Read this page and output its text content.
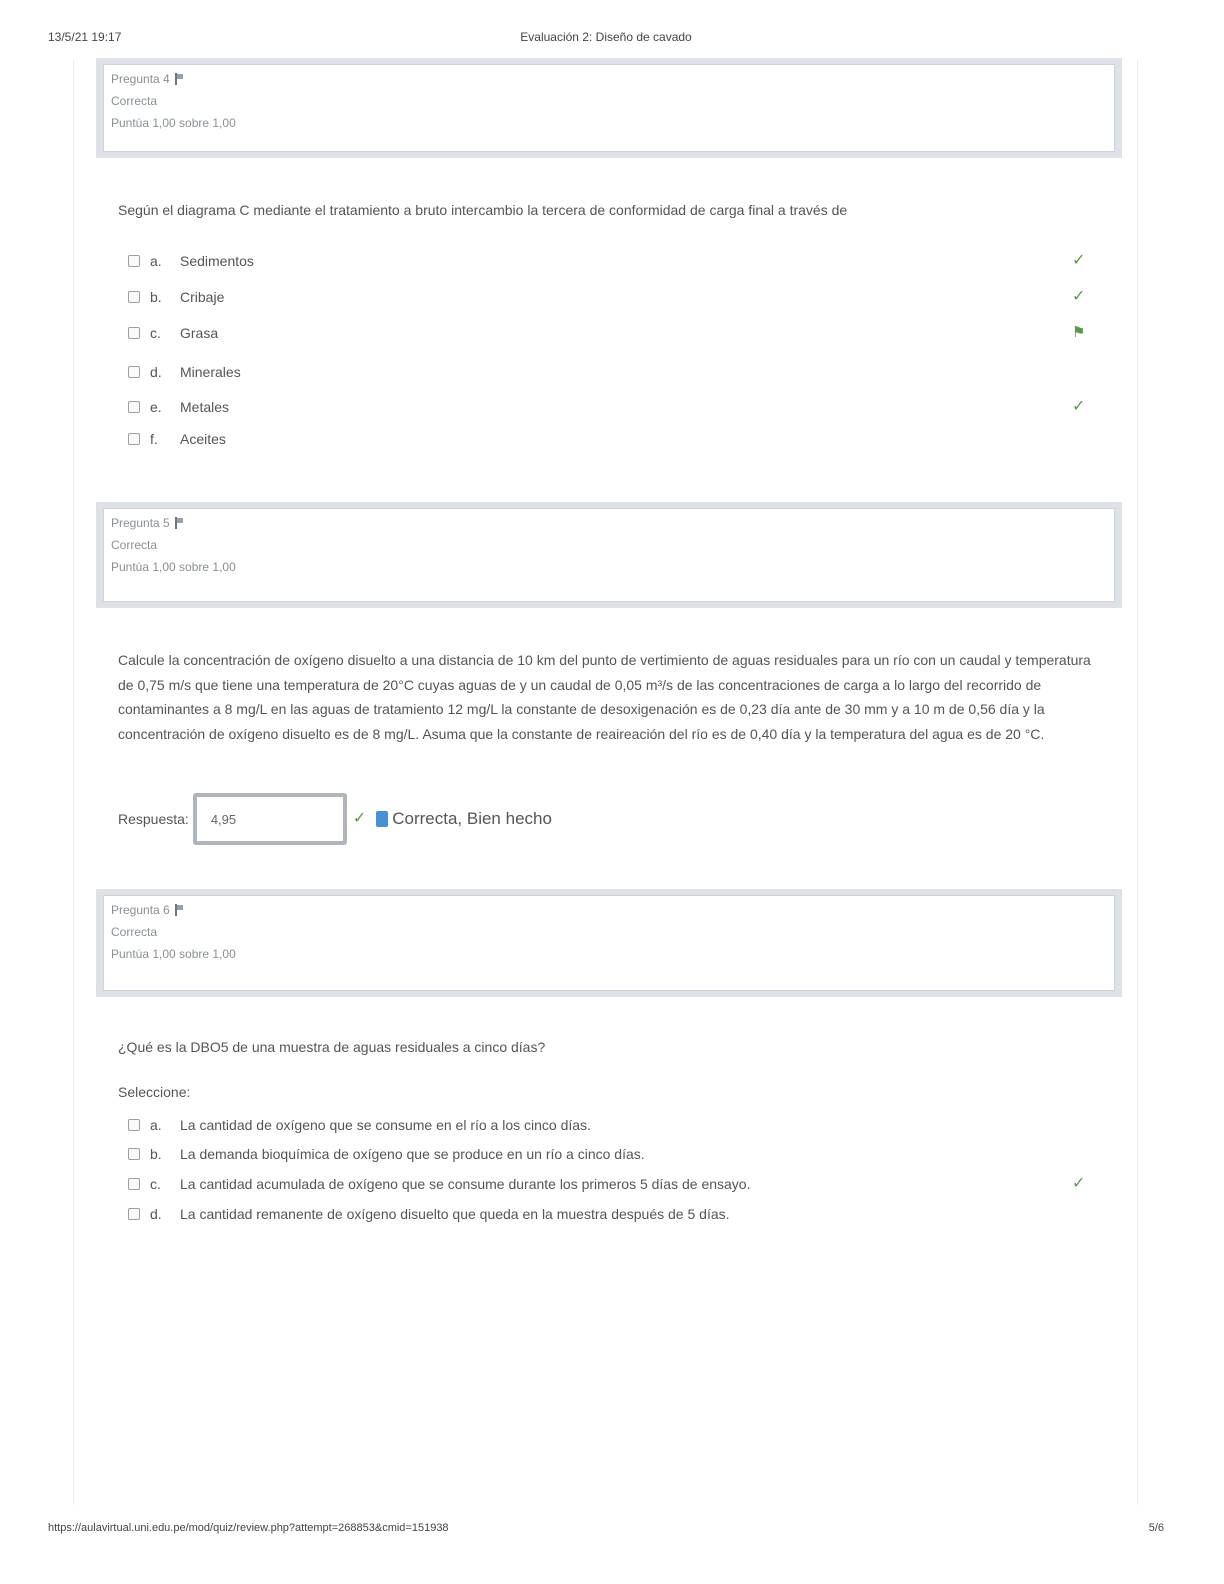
13/5/21 19:17	Evaluación 2: Diseño de cavado
Pregunta 4
Correcta
Puntúa 1,00 sobre 1,00
Según el diagrama C mediante el tratamiento a bruto intercambio la tercera de conformidad de carga final a través de
a.	Sedimentos
✓
b.	Cribaje
✓
c.	Grasa
⚑
d.	Minerales
e.	Metales
✓
f.	Aceites
Pregunta 5
Correcta
Puntúa 1,00 sobre 1,00
Calcule la concentración de oxígeno disuelto a una distancia de 10 km del punto de vertimiento de aguas residuales para un río con un caudal y temperatura de 0,75 m/s que tiene una temperatura de 20°C cuyas aguas de y un caudal de 0,05 m³/s de las concentraciones de carga a lo largo del recorrido de contaminantes a 8 mg/L en las aguas de tratamiento 12 mg/L la constante de desoxigenación es de 0,23 día ante de 30 mm y a 10 m de 0,56 día y la concentración de oxígeno disuelto es de 8 mg/L. Asuma que la constante de reaireación del río es de 0,40 día y la temperatura del agua es de 20 °C.
Respuesta:
4,95
✓	Correcta, Bien hecho
Pregunta 6
Correcta
Puntúa 1,00 sobre 1,00
¿Qué es la DBO5 de una muestra de aguas residuales a cinco días?
Seleccione:
a.	La cantidad de oxígeno que se consume en el río a los cinco días.
b.	La demanda bioquímica de oxígeno que se produce en un río a cinco días.
c.	La cantidad acumulada de oxígeno que se consume durante los primeros 5 días de ensayo.
✓
d.	La cantidad remanente de oxígeno disuelto que queda en la muestra después de 5 días.
https://aulavirtual.uni.edu.pe/mod/quiz/review.php?attempt=268853&cmid=151938	5/6
